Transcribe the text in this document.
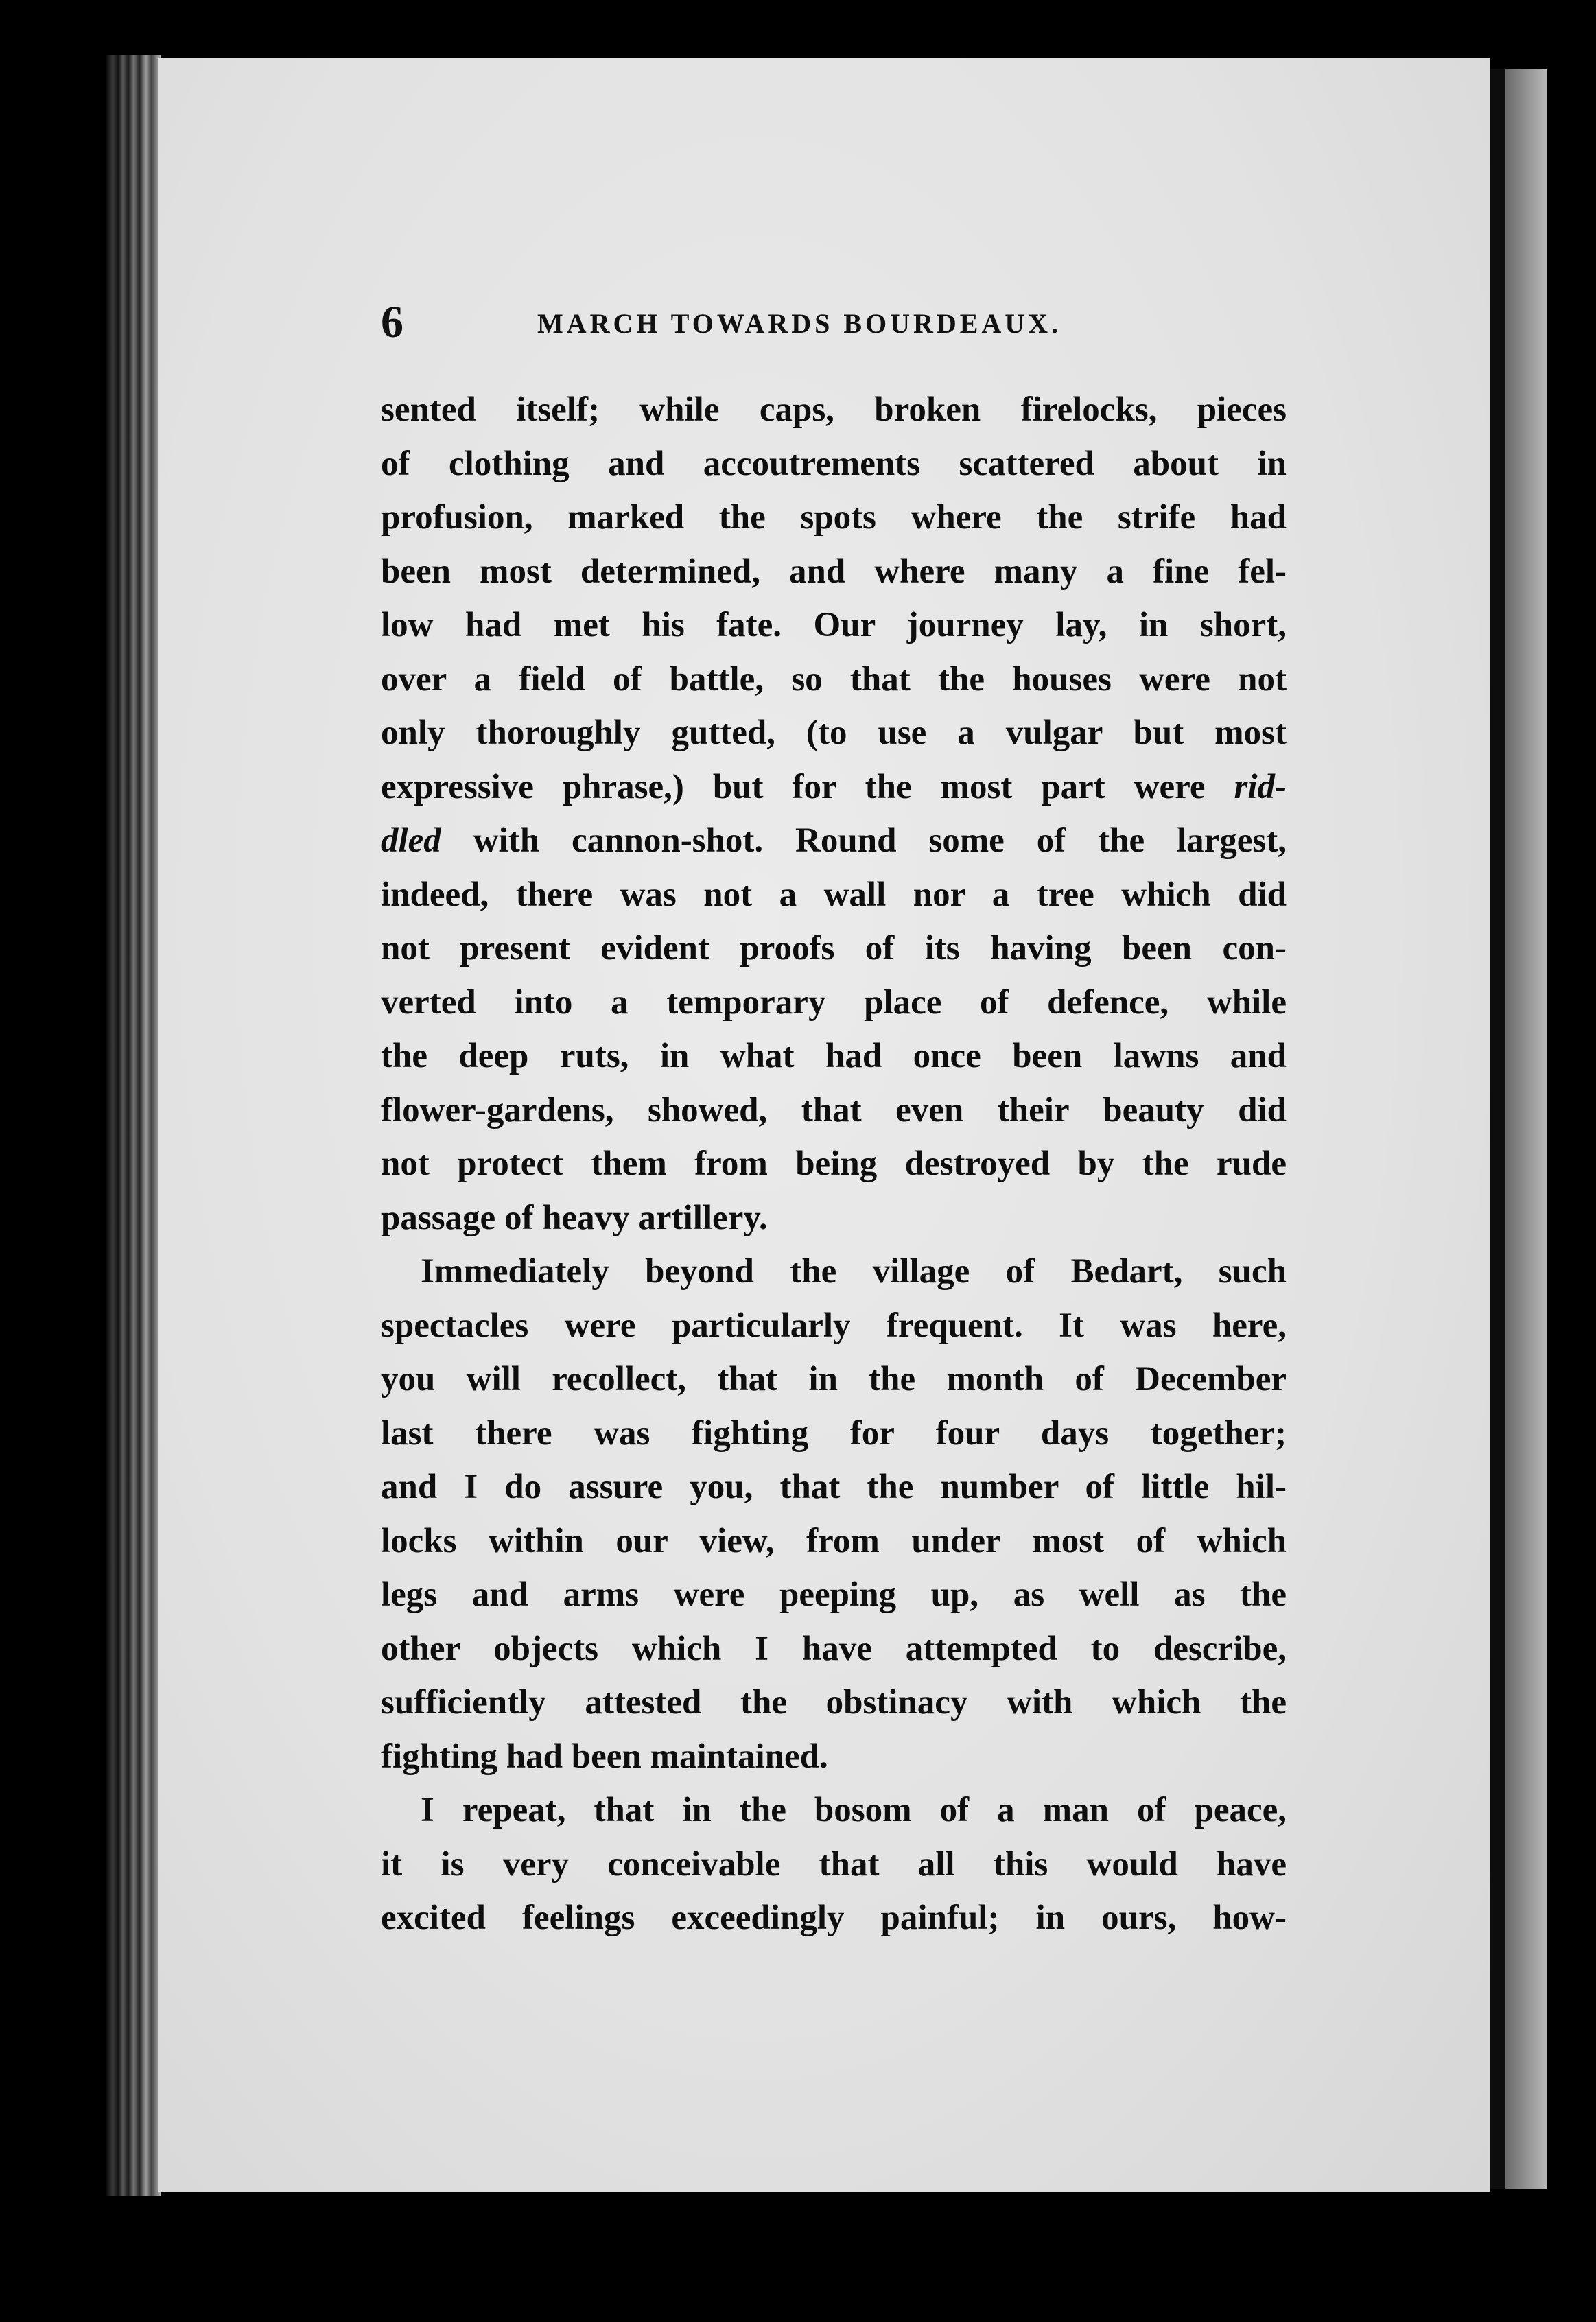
6	MARCH TOWARDS BOURDEAUX.
sented itself; while caps, broken firelocks, pieces
of clothing and accoutrements scattered about in
profusion, marked the spots where the strife had
been most determined, and where many a fine fel-
low had met his fate. Our journey lay, in short,
over a field of battle, so that the houses were not
only thoroughly gutted, (to use a vulgar but most
expressive phrase,) but for the most part were rid-
dled with cannon-shot. Round some of the largest,
indeed, there was not a wall nor a tree which did
not present evident proofs of its having been con-
verted into a temporary place of defence, while
the deep ruts, in what had once been lawns and
flower-gardens, showed, that even their beauty did
not protect them from being destroyed by the rude
passage of heavy artillery.
Immediately beyond the village of Bedart, such
spectacles were particularly frequent. It was here,
you will recollect, that in the month of December
last there was fighting for four days together;
and I do assure you, that the number of little hil-
locks within our view, from under most of which
legs and arms were peeping up, as well as the
other objects which I have attempted to describe,
sufficiently attested the obstinacy with which the
fighting had been maintained.
I repeat, that in the bosom of a man of peace,
it is very conceivable that all this would have
excited feelings exceedingly painful; in ours, how-
